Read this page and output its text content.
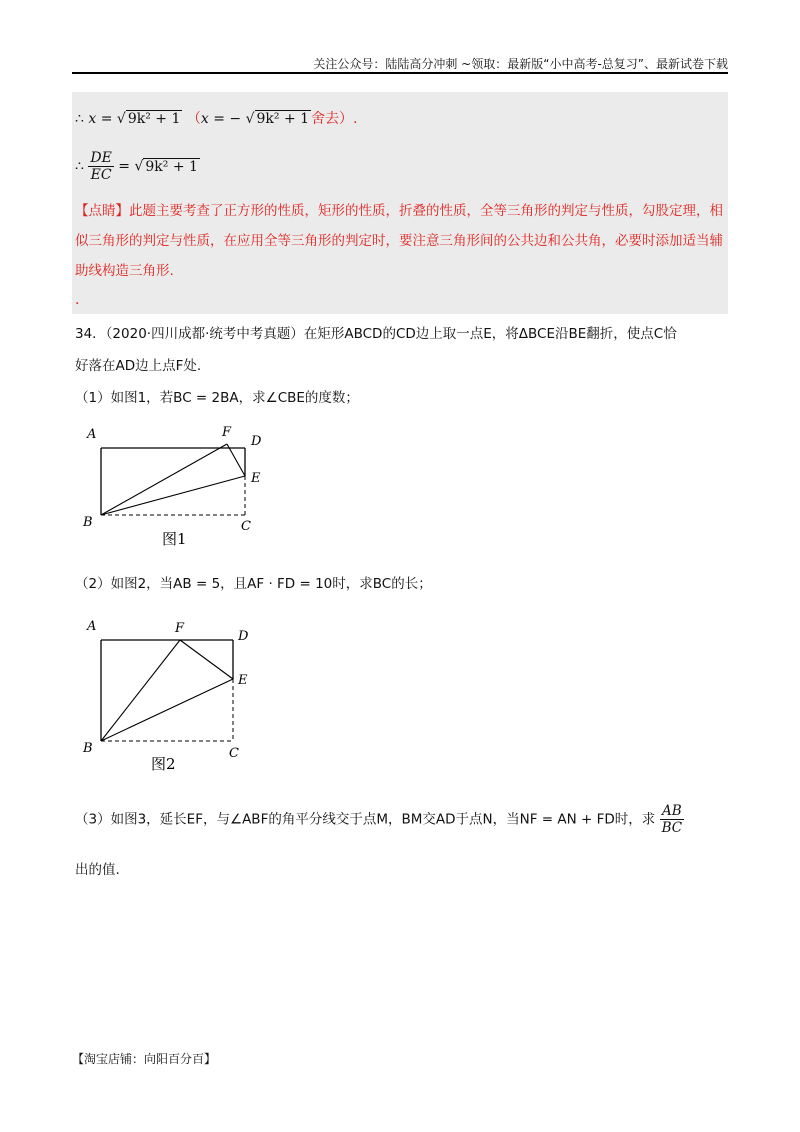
关注公众号：陆陆高分冲刺 ~领取：最新版“小中高考-总复习”、最新试卷下载
∴ x = √ 9k² + 1 （x = − √ 9k² + 1 舍去）.
∴ $\frac{DE}{EC}$ = √ 9k² + 1
【点睛】此题主要考查了正方形的性质，矩形的性质，折叠的性质，全等三角形的判定与性质，勾股定理，相似三角形的判定与性质，在应用全等三角形的判定时，要注意三角形间的公共边和公共角，必要时添加适当辅助线构造三角形.
.
34．（2020·四川成都·统考中考真题）在矩形ABCD的CD边上取一点E，将ΔBCE沿BE翻折，使点C恰
好落在AD边上点F处.
（1）如图1，若BC = 2BA，求∠CBE的度数；
A	F
D
E
B	C
图1
（2）如图2，当AB = 5，且AF · FD = 10时，求BC的长；
A	F
D
E
B	C
图2
（3）如图3，延长EF，与∠ABF的角平分线交于点M，BM交AD于点N，当NF = AN + FD时，求 $\frac{AB}{BC}$
出的值.
【淘宝店铺：向阳百分百】
